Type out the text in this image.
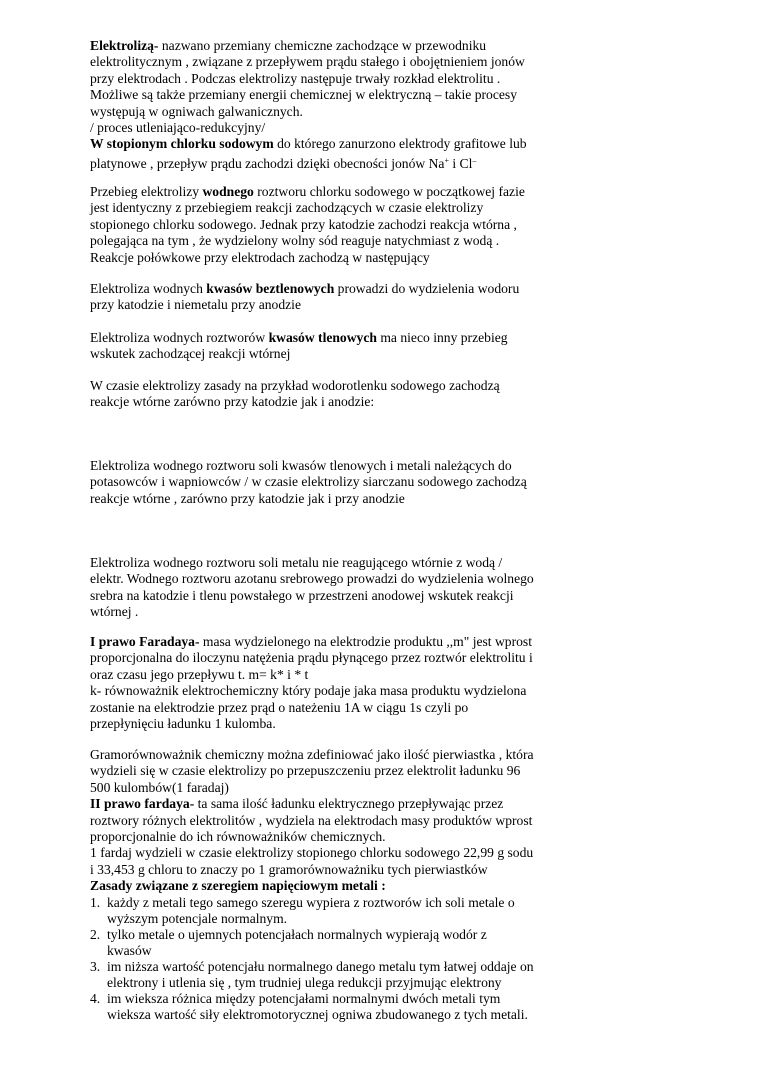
Elektrolizą- nazwano przemiany chemiczne zachodzące w przewodniku
elektrolitycznym , związane z przepływem prądu stałego i obojętnieniem jonów
przy elektrodach . Podczas elektrolizy następuje trwały rozkład elektrolitu .
Możliwe są także przemiany energii chemicznej w elektryczną – takie procesy
występują w ogniwach galwanicznych.
/ proces utleniająco-redukcyjny/
W stopionym chlorku sodowym do którego zanurzono elektrody grafitowe lub
platynowe , przepływ prądu zachodzi dzięki obecności jonów Na+ i Cl–
Przebieg elektrolizy wodnego roztworu chlorku sodowego w początkowej fazie
jest identyczny z przebiegiem reakcji zachodzących w czasie elektrolizy
stopionego chlorku sodowego. Jednak przy katodzie zachodzi reakcja wtórna ,
polegająca na tym , że wydzielony wolny sód reaguje natychmiast z wodą .
Reakcje połówkowe przy elektrodach zachodzą w następujący
Elektroliza wodnych kwasów beztlenowych prowadzi do wydzielenia wodoru
przy katodzie i niemetalu przy anodzie
Elektroliza wodnych roztworów kwasów tlenowych ma nieco inny przebieg
wskutek zachodzącej reakcji wtórnej
W czasie elektrolizy zasady na przykład wodorotlenku sodowego zachodzą
reakcje wtórne zarówno przy katodzie jak i anodzie:
Elektroliza wodnego roztworu soli kwasów tlenowych i metali należących do
potasowców i wapniowców / w czasie elektrolizy siarczanu sodowego zachodzą
reakcje wtórne , zarówno przy katodzie jak i przy anodzie
Elektroliza wodnego roztworu soli metalu nie reagującego wtórnie z wodą /
elektr. Wodnego roztworu azotanu srebrowego prowadzi do wydzielenia wolnego
srebra na katodzie i tlenu powstałego w przestrzeni anodowej wskutek reakcji
wtórnej .
I prawo Faradaya- masa wydzielonego na elektrodzie produktu ,,m" jest wprost
proporcjonalna do iloczynu natężenia prądu płynącego przez roztwór elektrolitu i
oraz czasu jego przepływu t. m= k* i * t
k- równoważnik elektrochemiczny który podaje jaka masa produktu wydzielona
zostanie na elektrodzie przez prąd o nateżeniu 1A w ciągu 1s czyli po
przepłynięciu ładunku 1 kulomba.
Gramorównoważnik chemiczny można zdefiniować jako ilość pierwiastka , która
wydzieli się w czasie elektrolizy po przepuszczeniu przez elektrolit ładunku 96
500 kulombów(1 faradaj)
II prawo fardaya- ta sama ilość ładunku elektrycznego przepływając przez
roztwory różnych elektrolitów , wydziela na elektrodach masy produktów wprost
proporcjonalnie do ich równoważników chemicznych.
1 fardaj wydzieli w czasie elektrolizy stopionego chlorku sodowego 22,99 g sodu
i 33,453 g chloru to znaczy po 1 gramorównoważniku tych pierwiastków
Zasady związane z szeregiem napięciowym metali :
1. każdy z metali tego samego szeregu wypiera z roztworów ich soli metale o
wyższym potencjale normalnym.
2. tylko metale o ujemnych potencjałach normalnych wypierają wodór z
kwasów
3. im niższa wartość potencjału normalnego danego metalu tym łatwej oddaje on
elektrony i utlenia się , tym trudniej ulega redukcji przyjmując elektrony
4. im wieksza różnica między potencjałami normalnymi dwóch metali tym
wieksza wartość siły elektromotorycznej ogniwa zbudowanego z tych metali.
